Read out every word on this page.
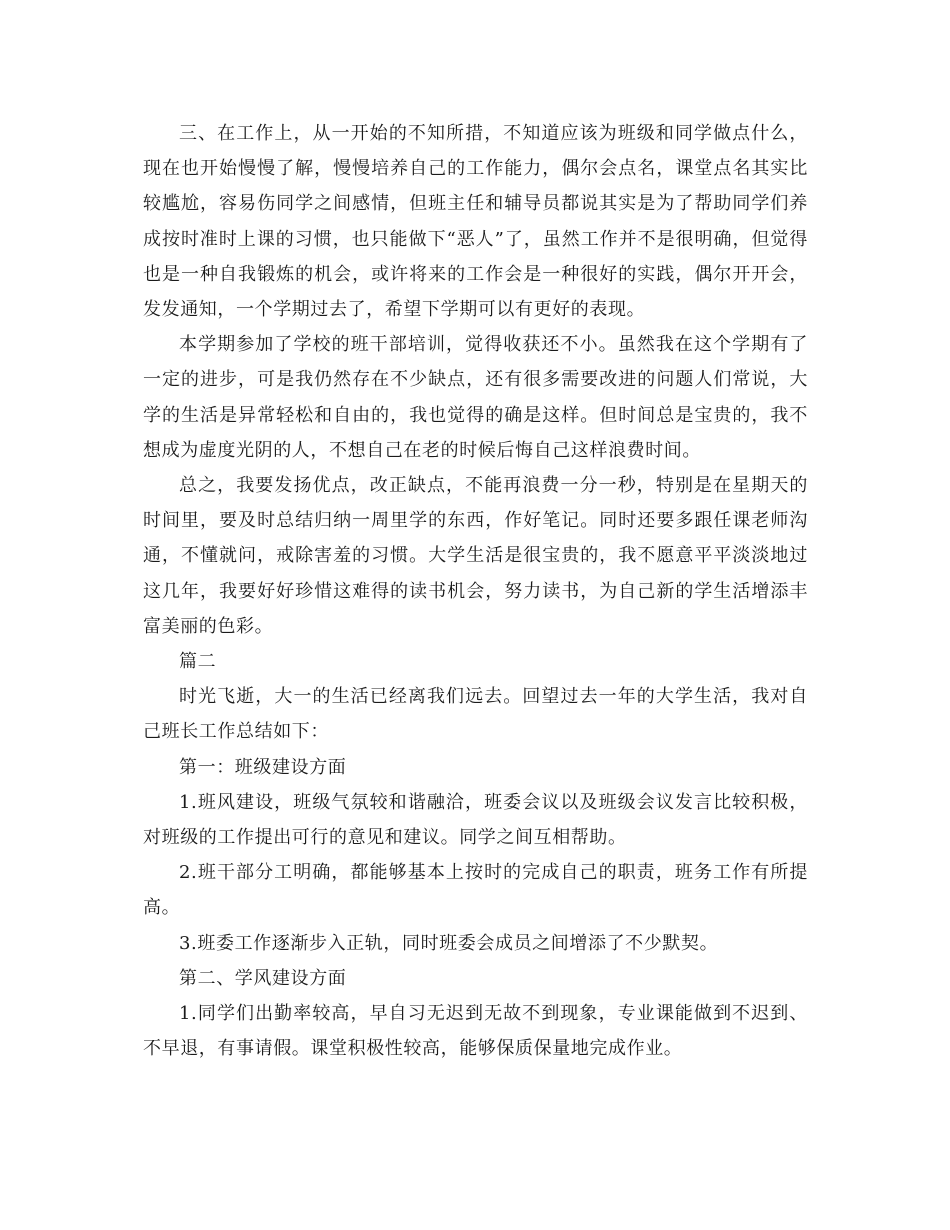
三、在工作上，从一开始的不知所措，不知道应该为班级和同学做点什么，现在也开始慢慢了解，慢慢培养自己的工作能力，偶尔会点名，课堂点名其实比较尴尬，容易伤同学之间感情，但班主任和辅导员都说其实是为了帮助同学们养成按时准时上课的习惯，也只能做下“恶人”了，虽然工作并不是很明确，但觉得也是一种自我锻炼的机会，或许将来的工作会是一种很好的实践，偶尔开开会，发发通知，一个学期过去了，希望下学期可以有更好的表现。

本学期参加了学校的班干部培训，觉得收获还不小。虽然我在这个学期有了一定的进步，可是我仍然存在不少缺点，还有很多需要改进的问题人们常说，大学的生活是异常轻松和自由的，我也觉得的确是这样。但时间总是宝贵的，我不想成为虚度光阴的人，不想自己在老的时候后悔自己这样浪费时间。

总之，我要发扬优点，改正缺点，不能再浪费一分一秒，特别是在星期天的时间里，要及时总结归纳一周里学的东西，作好笔记。同时还要多跟任课老师沟通，不懂就问，戒除害羞的习惯。大学生活是很宝贵的，我不愿意平平淡淡地过这几年，我要好好珍惜这难得的读书机会，努力读书，为自己新的学生活增添丰富美丽的色彩。

篇二

时光飞逝，大一的生活已经离我们远去。回望过去一年的大学生活，我对自己班长工作总结如下：

第一：班级建设方面

1.班风建设，班级气氛较和谐融洽，班委会议以及班级会议发言比较积极，对班级的工作提出可行的意见和建议。同学之间互相帮助。

2.班干部分工明确，都能够基本上按时的完成自己的职责，班务工作有所提高。

3.班委工作逐渐步入正轨，同时班委会成员之间增添了不少默契。

第二、学风建设方面

1.同学们出勤率较高，早自习无迟到无故不到现象，专业课能做到不迟到、不早退，有事请假。课堂积极性较高，能够保质保量地完成作业。
